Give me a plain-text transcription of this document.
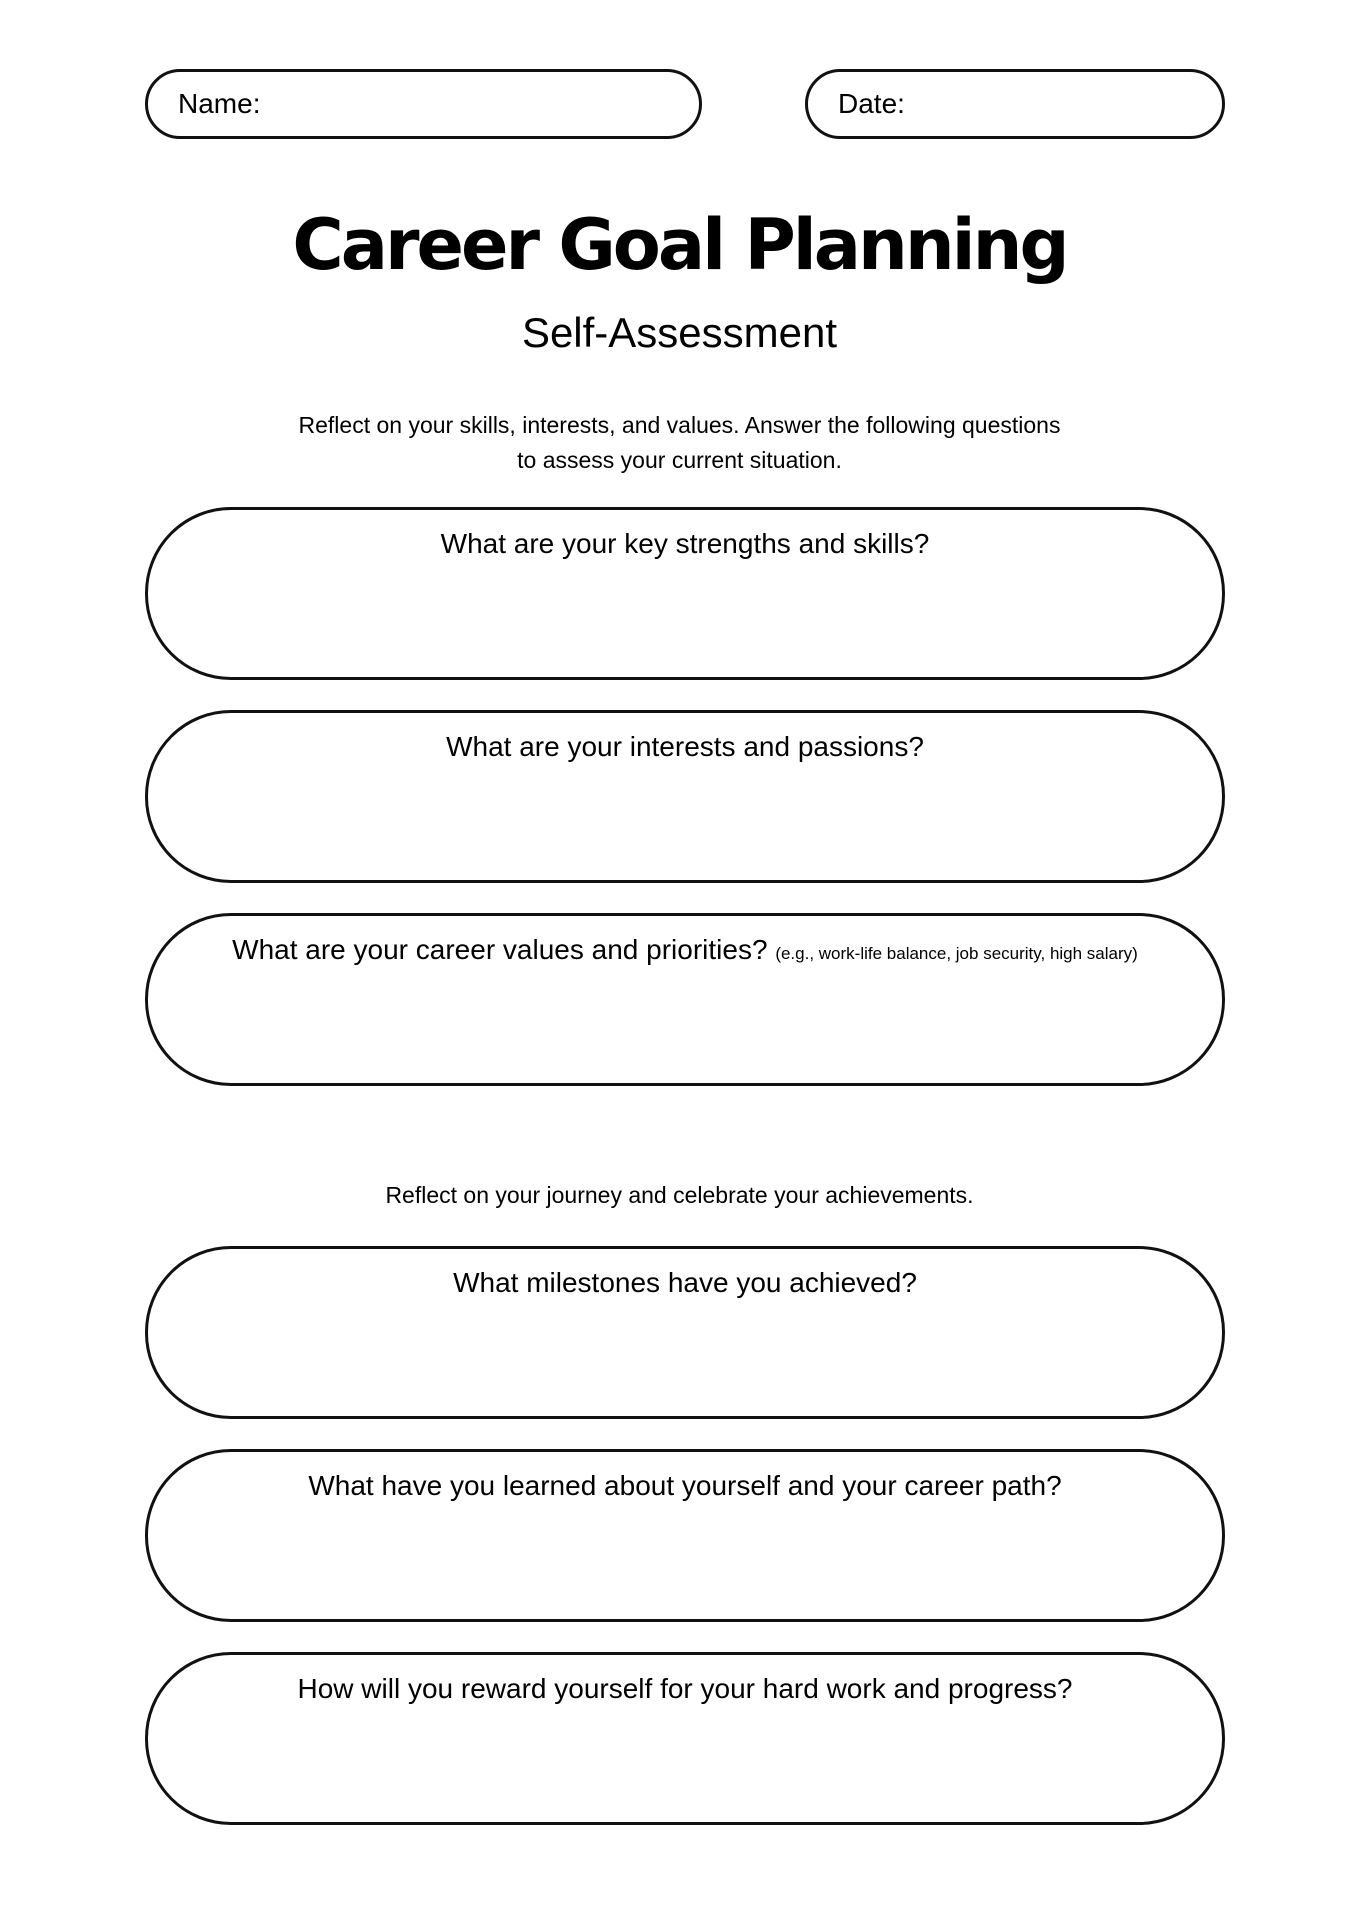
Name:	Date:
Career Goal Planning
Self-Assessment
Reflect on your skills, interests, and values. Answer the following questions
to assess your current situation.
What are your key strengths and skills?
What are your interests and passions?
What are your career values and priorities? (e.g., work-life balance, job security, high salary)
Reflect on your journey and celebrate your achievements.
What milestones have you achieved?
What have you learned about yourself and your career path?
How will you reward yourself for your hard work and progress?
